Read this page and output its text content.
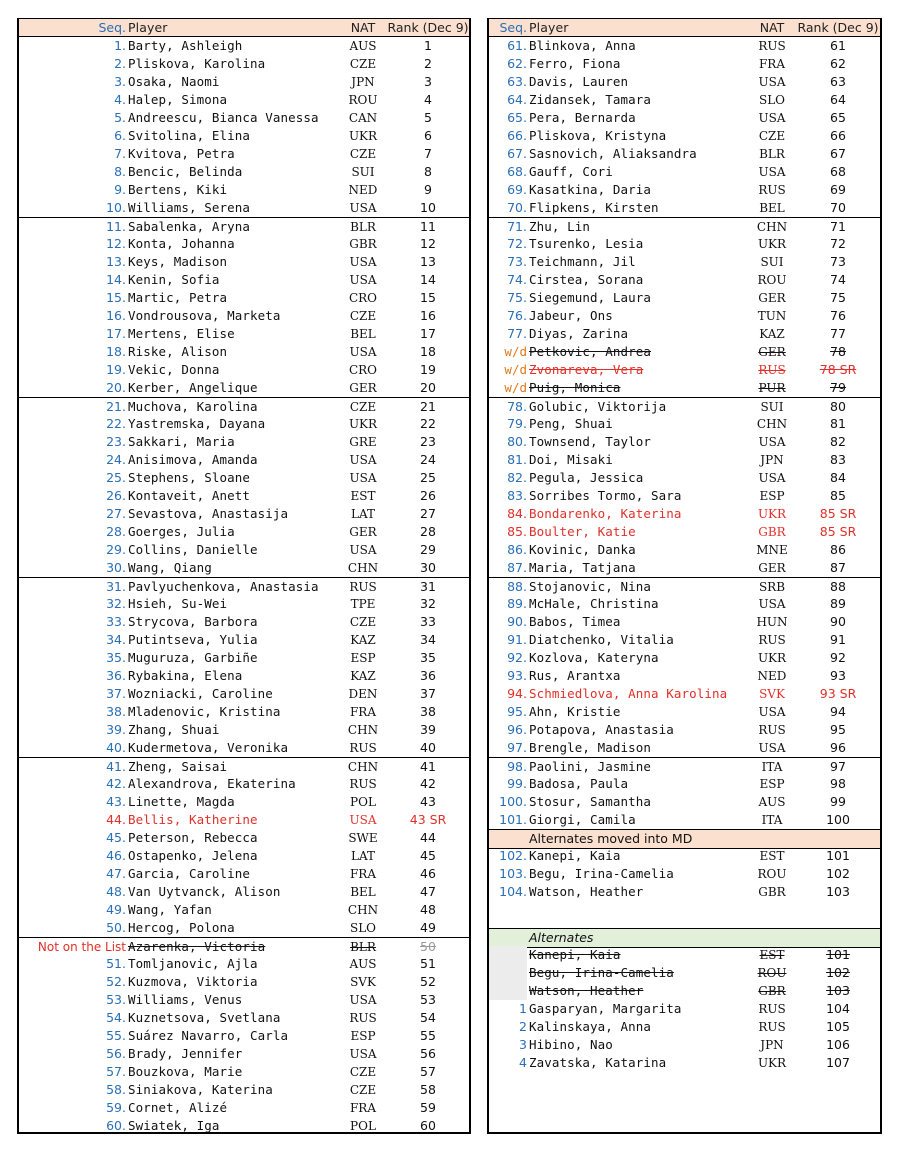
Seq. Player	NAT Rank (Dec 9)
1. Barty, Ashleigh	AUS	1
2. Pliskova, Karolina	CZE	2
3. Osaka, Naomi	JPN	3
4. Halep, Simona	ROU	4
5. Andreescu, Bianca Vanessa	CAN	5
6. Svitolina, Elina	UKR	6
7. Kvitova, Petra	CZE	7
8. Bencic, Belinda	SUI	8
9. Bertens, Kiki	NED	9
10. Williams, Serena	USA	10
11. Sabalenka, Aryna	BLR	11
12. Konta, Johanna	GBR	12
13. Keys, Madison	USA	13
14. Kenin, Sofia	USA	14
15. Martic, Petra	CRO	15
16. Vondrousova, Marketa	CZE	16
17. Mertens, Elise	BEL	17
18. Riske, Alison	USA	18
19. Vekic, Donna	CRO	19
20. Kerber, Angelique	GER	20
21. Muchova, Karolina	CZE	21
22. Yastremska, Dayana	UKR	22
23. Sakkari, Maria	GRE	23
24. Anisimova, Amanda	USA	24
25. Stephens, Sloane	USA	25
26. Kontaveit, Anett	EST	26
27. Sevastova, Anastasija	LAT	27
28. Goerges, Julia	GER	28
29. Collins, Danielle	USA	29
30. Wang, Qiang	CHN	30
31. Pavlyuchenkova, Anastasia	RUS	31
32. Hsieh, Su-Wei	TPE	32
33. Strycova, Barbora	CZE	33
34. Putintseva, Yulia	KAZ	34
35. Muguruza, Garbiñe	ESP	35
36. Rybakina, Elena	KAZ	36
37. Wozniacki, Caroline	DEN	37
38. Mladenovic, Kristina	FRA	38
39. Zhang, Shuai	CHN	39
40. Kudermetova, Veronika	RUS	40
41. Zheng, Saisai	CHN	41
42. Alexandrova, Ekaterina	RUS	42
43. Linette, Magda	POL	43
44. Bellis, Katherine	USA	43 SR
45. Peterson, Rebecca	SWE	44
46. Ostapenko, Jelena	LAT	45
47. Garcia, Caroline	FRA	46
48. Van Uytvanck, Alison	BEL	47
49. Wang, Yafan	CHN	48
50. Hercog, Polona	SLO	49
Not on the List Azarenka, Victoria	BLR	50
51. Tomljanovic, Ajla	AUS	51
52. Kuzmova, Viktoria	SVK	52
53. Williams, Venus	USA	53
54. Kuznetsova, Svetlana	RUS	54
55. Suárez Navarro, Carla	ESP	55
56. Brady, Jennifer	USA	56
57. Bouzkova, Marie	CZE	57
58. Siniakova, Katerina	CZE	58
59. Cornet, Alizé	FRA	59
60. Swiatek, Iga	POL	60
Seq. Player	NAT	Rank (Dec 9)
61. Blinkova, Anna	RUS	61
62. Ferro, Fiona	FRA	62
63. Davis, Lauren	USA	63
64. Zidansek, Tamara	SLO	64
65. Pera, Bernarda	USA	65
66. Pliskova, Kristyna	CZE	66
67. Sasnovich, Aliaksandra	BLR	67
68. Gauff, Cori	USA	68
69. Kasatkina, Daria	RUS	69
70. Flipkens, Kirsten	BEL	70
71. Zhu, Lin	CHN	71
72. Tsurenko, Lesia	UKR	72
73. Teichmann, Jil	SUI	73
74. Cirstea, Sorana	ROU	74
75. Siegemund, Laura	GER	75
76. Jabeur, Ons	TUN	76
77. Diyas, Zarina	KAZ	77
w/d Petkovic, Andrea	GER	78
w/d Zvonareva, Vera	RUS	78 SR
w/d Puig, Monica	PUR	79
78. Golubic, Viktorija	SUI	80
79. Peng, Shuai	CHN	81
80. Townsend, Taylor	USA	82
81. Doi, Misaki	JPN	83
82. Pegula, Jessica	USA	84
83. Sorribes Tormo, Sara	ESP	85
84. Bondarenko, Katerina	UKR	85 SR
85. Boulter, Katie	GBR	85 SR
86. Kovinic, Danka	MNE	86
87. Maria, Tatjana	GER	87
88. Stojanovic, Nina	SRB	88
89. McHale, Christina	USA	89
90. Babos, Timea	HUN	90
91. Diatchenko, Vitalia	RUS	91
92. Kozlova, Kateryna	UKR	92
93. Rus, Arantxa	NED	93
94. Schmiedlova, Anna Karolina	SVK	93 SR
95. Ahn, Kristie	USA	94
96. Potapova, Anastasia	RUS	95
97. Brengle, Madison	USA	96
98. Paolini, Jasmine	ITA	97
99. Badosa, Paula	ESP	98
100. Stosur, Samantha	AUS	99
101. Giorgi, Camila	ITA	100
Alternates moved into MD
102. Kanepi, Kaia	EST	101
103. Begu, Irina-Camelia	ROU	102
104. Watson, Heather	GBR	103
Alternates
Kanepi, Kaia	EST	101
Begu, Irina-Camelia	ROU	102
Watson, Heather	GBR	103
1 Gasparyan, Margarita	RUS	104
2 Kalinskaya, Anna	RUS	105
3 Hibino, Nao	JPN	106
4 Zavatska, Katarina	UKR	107
